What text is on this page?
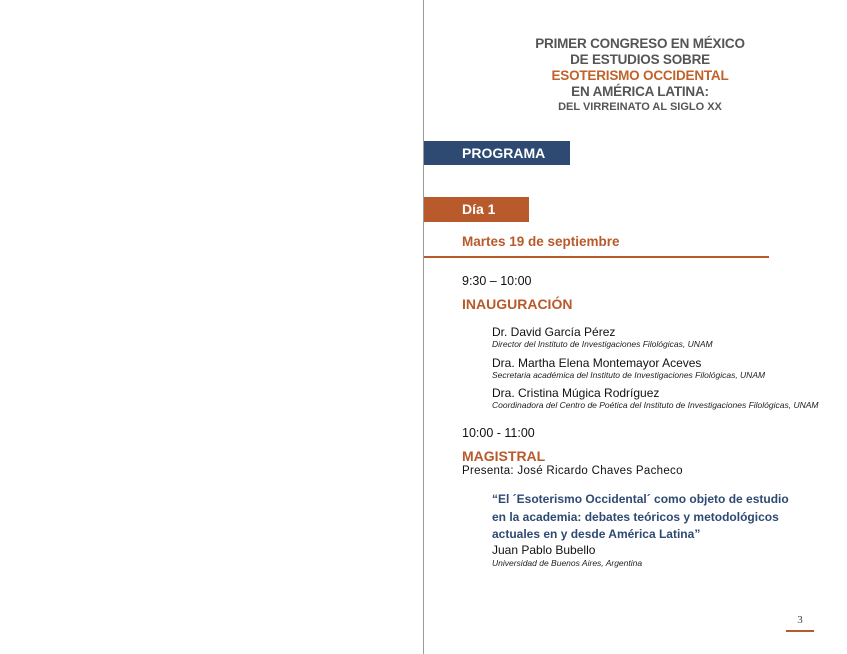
PRIMER CONGRESO EN MÉXICO
DE ESTUDIOS SOBRE
ESOTERISMO OCCIDENTAL
EN AMÉRICA LATINA:
DEL VIRREINATO AL SIGLO XX
PROGRAMA
Día 1
Martes 19 de septiembre
9:30 – 10:00
INAUGURACIÓN
Dr. David García Pérez
Director del Instituto de Investigaciones Filológicas, UNAM
Dra. Martha Elena Montemayor Aceves
Secretaria académica del Instituto de Investigaciones Filológicas, UNAM
Dra. Cristina Múgica Rodríguez
Coordinadora del Centro de Poética del Instituto de Investigaciones Filológicas, UNAM
10:00 - 11:00
MAGISTRAL
Presenta: José Ricardo Chaves Pacheco
“El ´Esoterismo Occidental´ como objeto de estudio en la academia: debates teóricos y metodológicos actuales en y desde América Latina”
Juan Pablo Bubello
Universidad de Buenos Aires, Argentina
3
